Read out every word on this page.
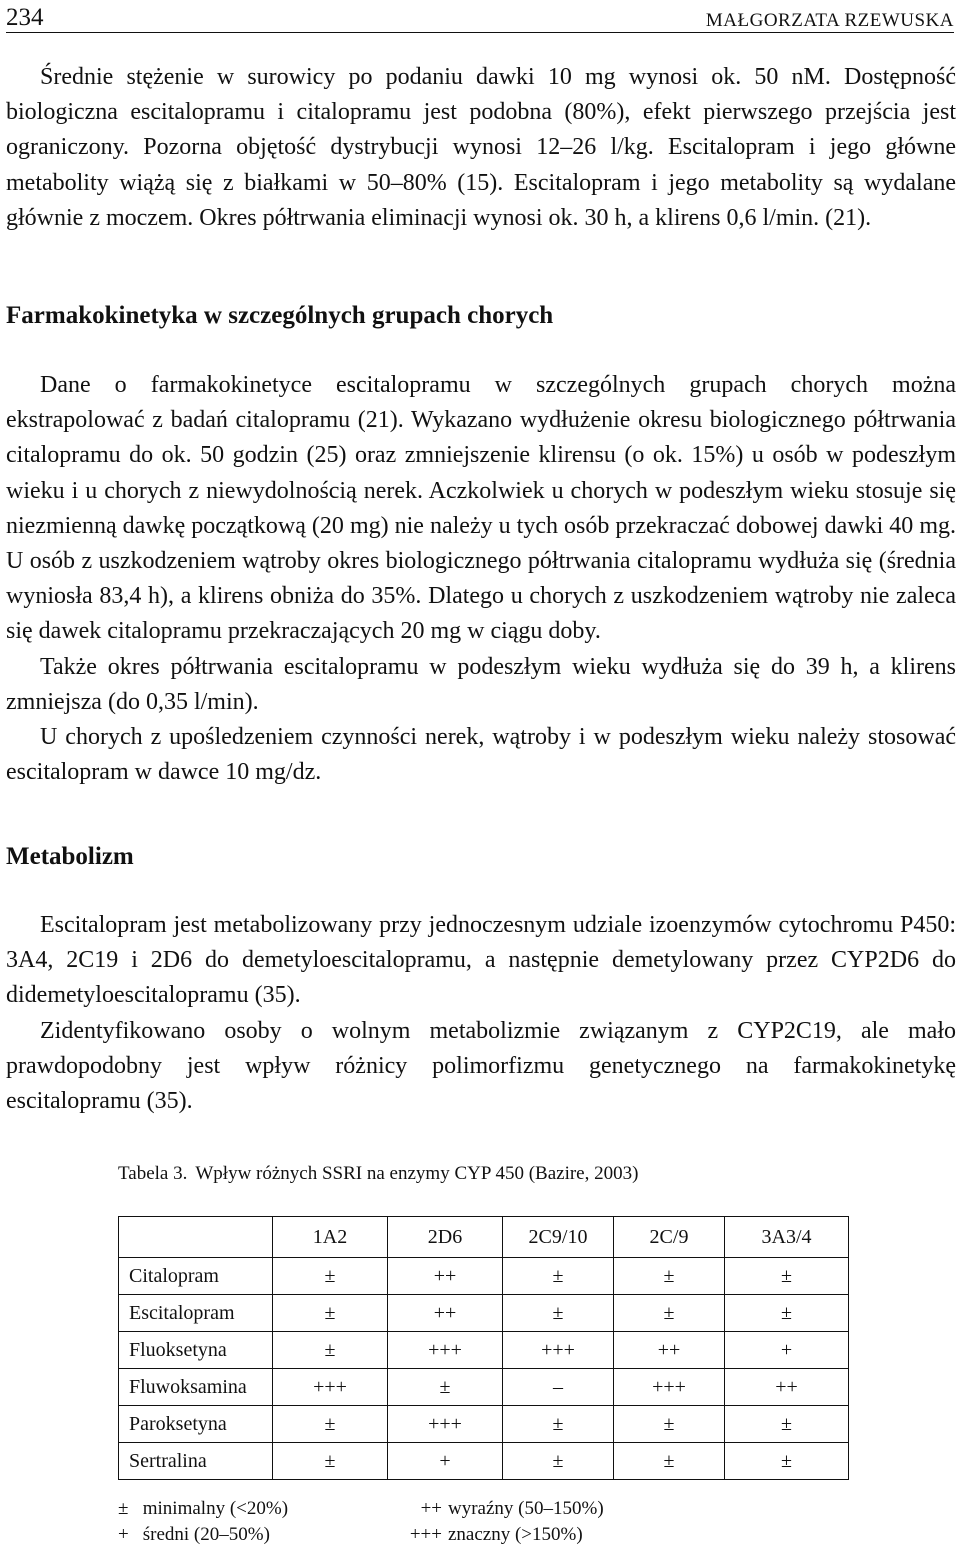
234	MAŁGORZATA RZEWUSKA

Średnie stężenie w surowicy po podaniu dawki 10 mg wynosi ok. 50 nM. Dostępność biologiczna escitalopramu i citalopramu jest podobna (80%), efekt pierwszego przejścia jest ograniczony. Pozorna objętość dystrybucji wynosi 12–26 l/kg. Escitalopram i jego główne metabolity wiążą się z białkami w 50–80% (15). Escitalopram i jego metabolity są wydalane głównie z moczem. Okres półtrwania eliminacji wynosi ok. 30 h, a klirens 0,6 l/min. (21).

Farmakokinetyka w szczególnych grupach chorych

Dane o farmakokinetyce escitalopramu w szczególnych grupach chorych można ekstrapolować z badań citalopramu (21). Wykazano wydłużenie okresu biologicznego półtrwania citalopramu do ok. 50 godzin (25) oraz zmniejszenie klirensu (o ok. 15%) u osób w podeszłym wieku i u chorych z niewydolnością nerek. Aczkolwiek u chorych w podeszłym wieku stosuje się niezmienną dawkę początkową (20 mg) nie należy u tych osób przekraczać dobowej dawki 40 mg. U osób z uszkodzeniem wątroby okres biologicznego półtrwania citalopramu wydłuża się (średnia wyniosła 83,4 h), a klirens obniża do 35%. Dlatego u chorych z uszkodzeniem wątroby nie zaleca się dawek citalopramu przekraczających 20 mg w ciągu doby.

Także okres półtrwania escitalopramu w podeszłym wieku wydłuża się do 39 h, a klirens zmniejsza (do 0,35 l/min).

U chorych z upośledzeniem czynności nerek, wątroby i w podeszłym wieku należy stosować escitalopram w dawce 10 mg/dz.

Metabolizm

Escitalopram jest metabolizowany przy jednoczesnym udziale izoenzymów cytochromu P450: 3A4, 2C19 i 2D6 do demetyloescitalopramu, a następnie demetylowany przez CYP2D6 do didemetyloescitalopramu (35).

Zidentyfikowano osoby o wolnym metabolizmie związanym z CYP2C19, ale mało prawdopodobny jest wpływ różnicy polimorfizmu genetycznego na farmakokinetykę escitalopramu (35).

Tabela 3. Wpływ różnych SSRI na enzymy CYP 450 (Bazire, 2003)
	1A2	2D6	2C9/10	2C/9	3A3/4
Citalopram	±	++	±	±	±
Escitalopram	±	++	±	±	±
Fluoksetyna	±	+++	+++	++	+
Fluwoksamina	+++	±	–	+++	++
Paroksetyna	±	+++	±	±	±
Sertralina	±	+	±	±	±
± minimalny (<20%)	++ wyraźny (50–150%)
+ średni (20–50%)	+++ znaczny (>150%)
